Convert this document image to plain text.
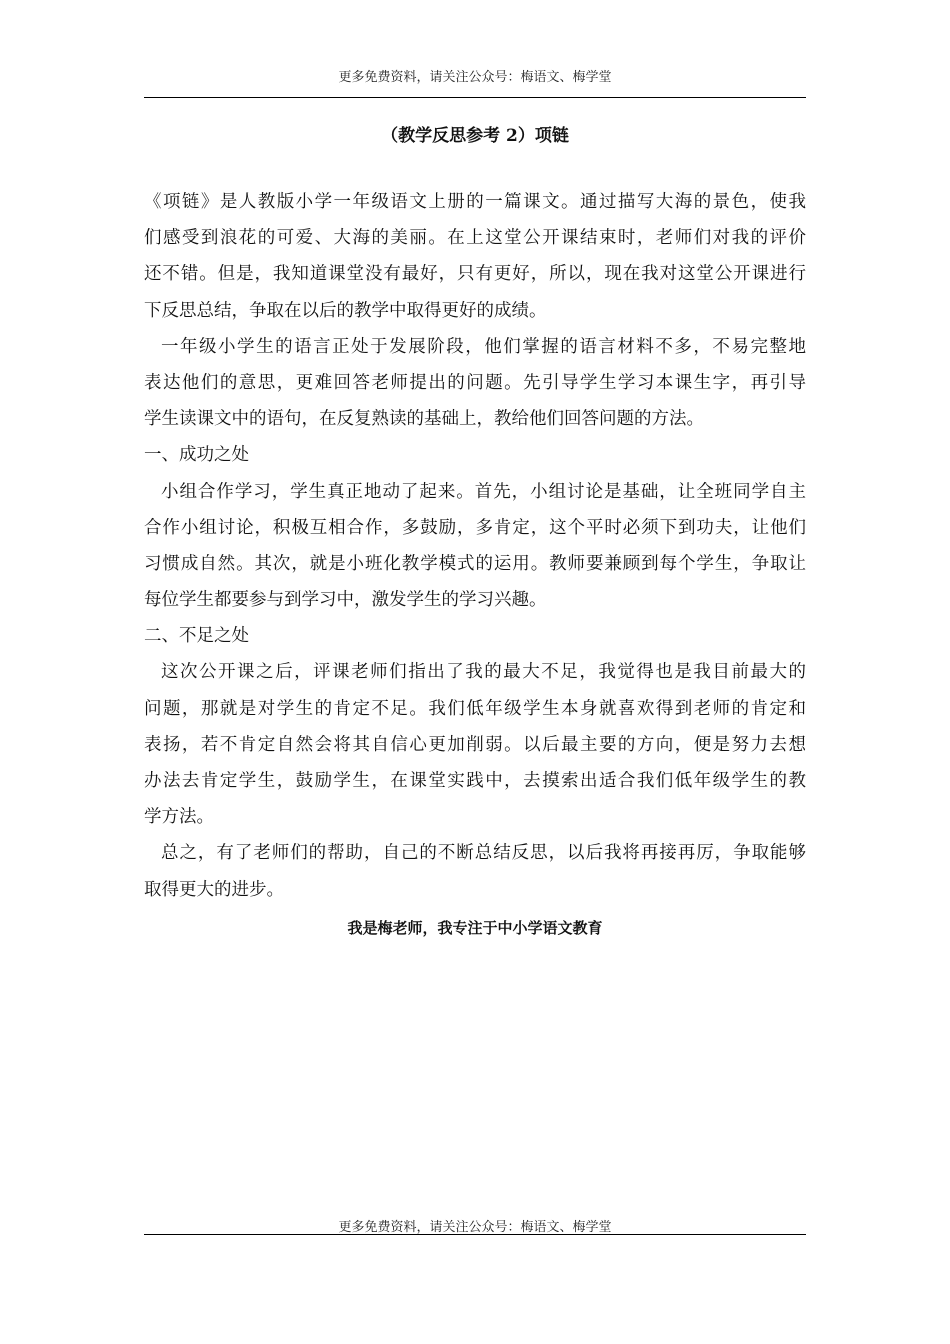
更多免费资料，请关注公众号：梅语文、梅学堂
（教学反思参考 2）项链
《项链》是人教版小学一年级语文上册的一篇课文。通过描写大海的景色，使我
们感受到浪花的可爱、大海的美丽。在上这堂公开课结束时，老师们对我的评价
还不错。但是，我知道课堂没有最好，只有更好，所以，现在我对这堂公开课进行
下反思总结，争取在以后的教学中取得更好的成绩。
一年级小学生的语言正处于发展阶段，他们掌握的语言材料不多，不易完整地
表达他们的意思，更难回答老师提出的问题。先引导学生学习本课生字，再引导
学生读课文中的语句，在反复熟读的基础上，教给他们回答问题的方法。
一、成功之处
小组合作学习，学生真正地动了起来。首先，小组讨论是基础，让全班同学自主
合作小组讨论，积极互相合作，多鼓励，多肯定，这个平时必须下到功夫，让他们
习惯成自然。其次，就是小班化教学模式的运用。教师要兼顾到每个学生，争取让
每位学生都要参与到学习中，激发学生的学习兴趣。
二、不足之处
这次公开课之后，评课老师们指出了我的最大不足，我觉得也是我目前最大的
问题，那就是对学生的肯定不足。我们低年级学生本身就喜欢得到老师的肯定和
表扬，若不肯定自然会将其自信心更加削弱。以后最主要的方向，便是努力去想
办法去肯定学生，鼓励学生，在课堂实践中，去摸索出适合我们低年级学生的教
学方法。
总之，有了老师们的帮助，自己的不断总结反思，以后我将再接再厉，争取能够
取得更大的进步。
我是梅老师，我专注于中小学语文教育
更多免费资料，请关注公众号：梅语文、梅学堂
